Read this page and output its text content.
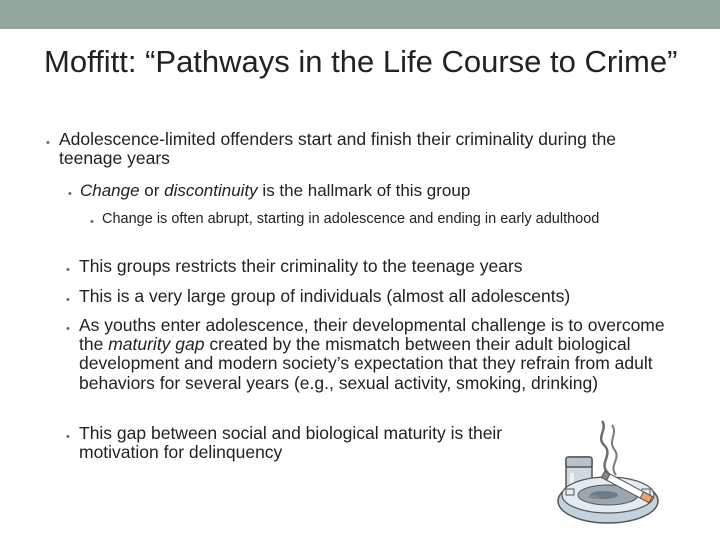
Moffitt: “Pathways in the Life Course to Crime”
• Adolescence-limited offenders start and finish their criminality during the teenage years
• Change or discontinuity is the hallmark of this group
• Change is often abrupt, starting in adolescence and ending in early adulthood
• This groups restricts their criminality to the teenage years
• This is a very large group of individuals (almost all adolescents)
• As youths enter adolescence, their developmental challenge is to overcome the maturity gap created by the mismatch between their adult biological development and modern society’s expectation that they refrain from adult behaviors for several years (e.g., sexual activity, smoking, drinking)
• This gap between social and biological maturity is their motivation for delinquency
